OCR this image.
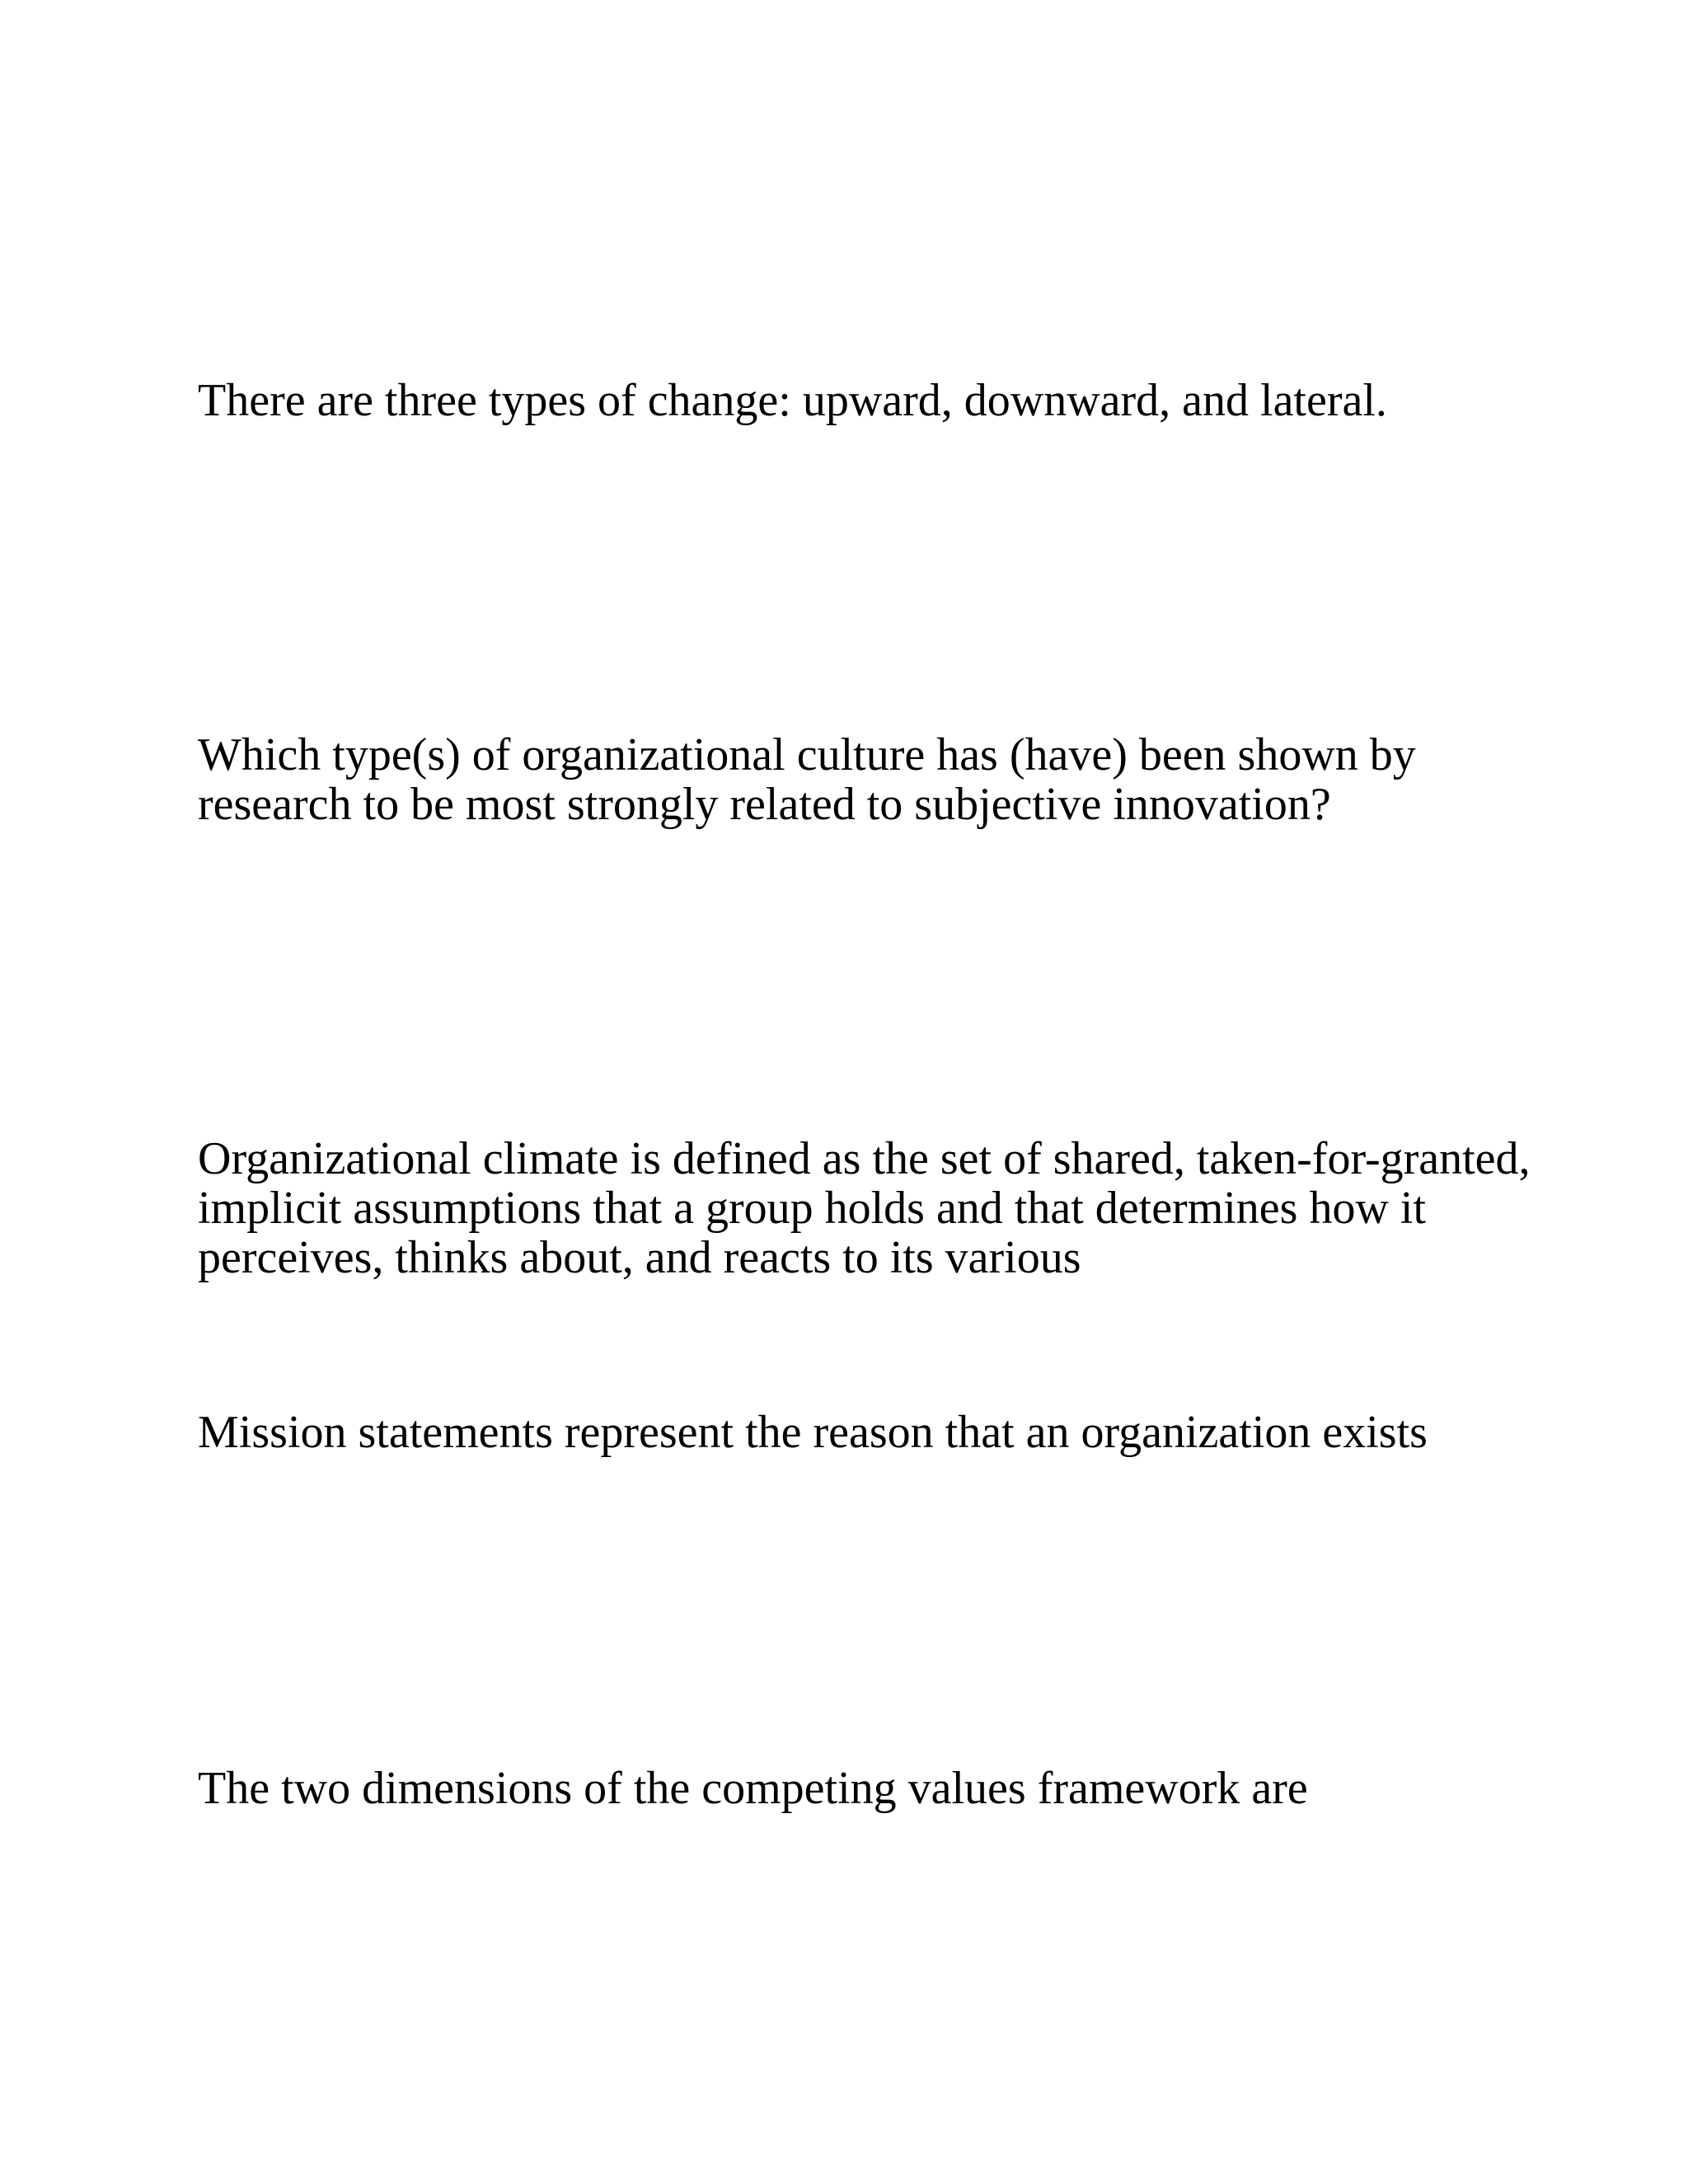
There are three types of change: upward, downward, and lateral.

Which type(s) of organizational culture has (have) been shown by
research to be most strongly related to subjective innovation?

Organizational climate is defined as the set of shared, taken-for-granted,
implicit assumptions that a group holds and that determines how it
perceives, thinks about, and reacts to its various

Mission statements represent the reason that an organization exists

The two dimensions of the competing values framework are
